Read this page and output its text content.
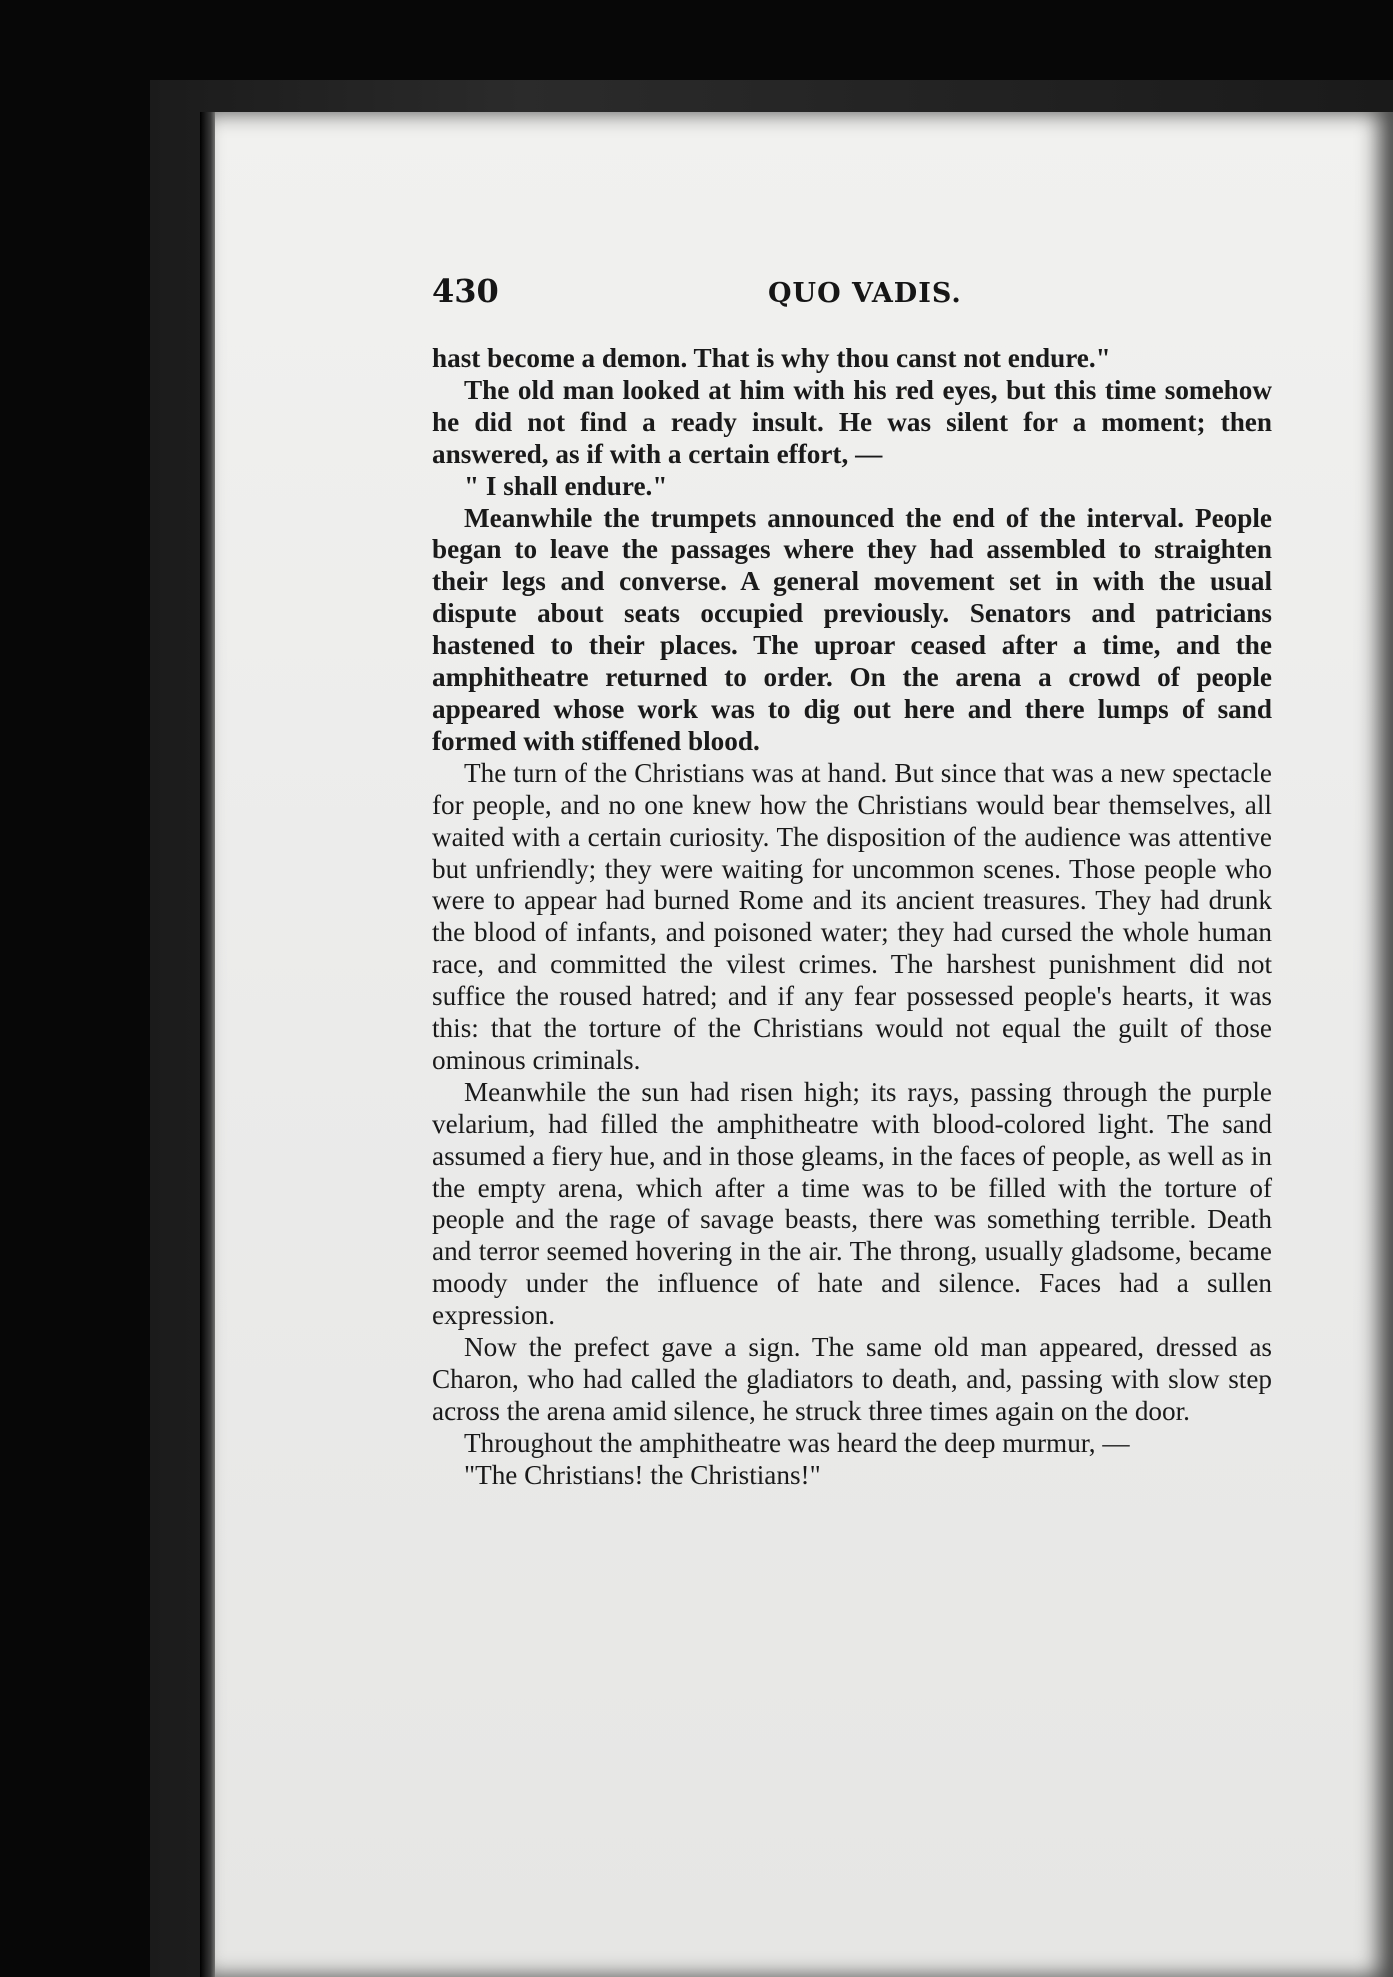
430	QUO VADIS.

hast become a demon. That is why thou canst not endure."

The old man looked at him with his red eyes, but this time somehow he did not find a ready insult. He was silent for a moment; then answered, as if with a certain effort, —

" I shall endure."

Meanwhile the trumpets announced the end of the interval. People began to leave the passages where they had assembled to straighten their legs and converse. A general movement set in with the usual dispute about seats occupied previously. Senators and patricians hastened to their places. The uproar ceased after a time, and the amphitheatre returned to order. On the arena a crowd of people appeared whose work was to dig out here and there lumps of sand formed with stiffened blood.

The turn of the Christians was at hand. But since that was a new spectacle for people, and no one knew how the Christians would bear themselves, all waited with a certain curiosity. The disposition of the audience was attentive but unfriendly; they were waiting for uncommon scenes. Those people who were to appear had burned Rome and its ancient treasures. They had drunk the blood of infants, and poisoned water; they had cursed the whole human race, and committed the vilest crimes. The harshest punishment did not suffice the roused hatred; and if any fear possessed people's hearts, it was this: that the torture of the Christians would not equal the guilt of those ominous criminals.

Meanwhile the sun had risen high; its rays, passing through the purple velarium, had filled the amphitheatre with blood-colored light. The sand assumed a fiery hue, and in those gleams, in the faces of people, as well as in the empty arena, which after a time was to be filled with the torture of people and the rage of savage beasts, there was something terrible. Death and terror seemed hovering in the air. The throng, usually gladsome, became moody under the influence of hate and silence. Faces had a sullen expression.

Now the prefect gave a sign. The same old man appeared, dressed as Charon, who had called the gladiators to death, and, passing with slow step across the arena amid silence, he struck three times again on the door.

Throughout the amphitheatre was heard the deep murmur, —

"The Christians! the Christians!"
